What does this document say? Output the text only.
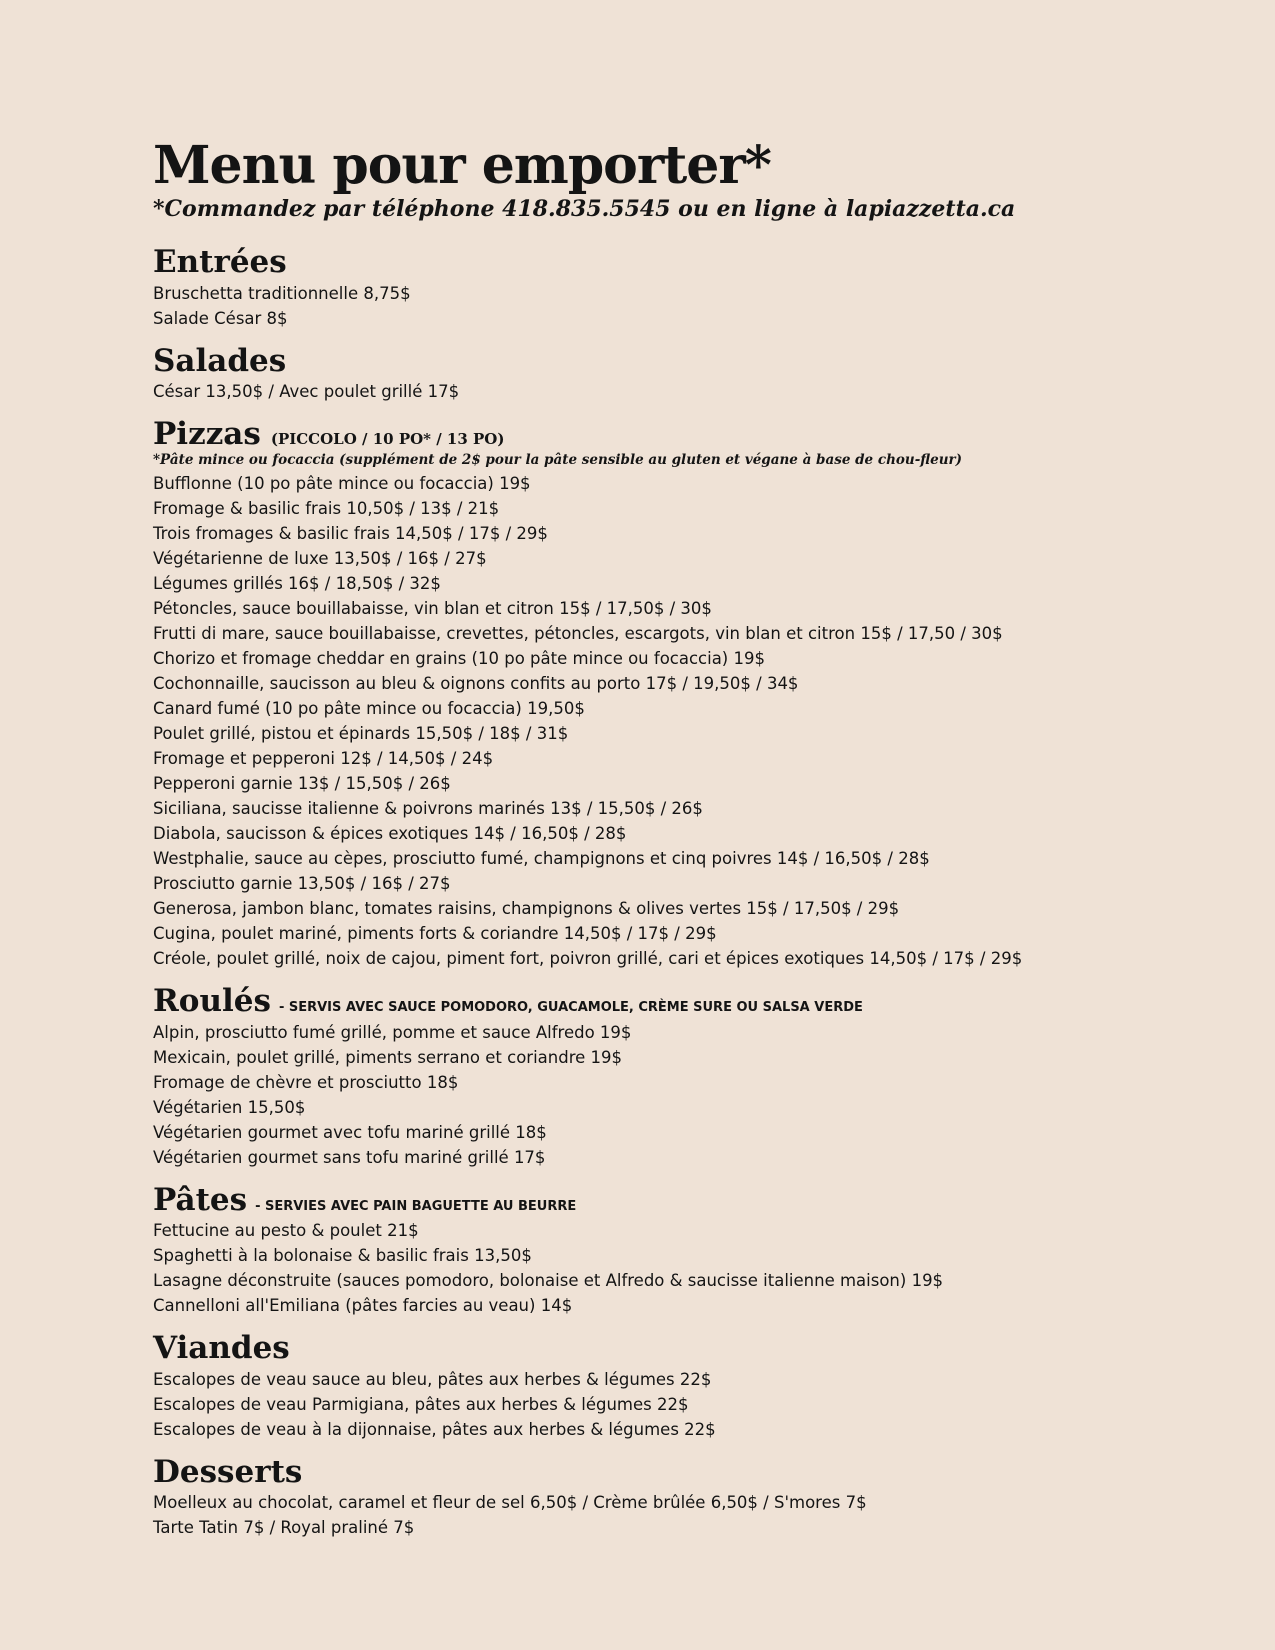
Menu pour emporter*

*Commandez par téléphone 418.835.5545 ou en ligne à lapiazzetta.ca

Entrées
Bruschetta traditionnelle 8,75$
Salade César 8$
Salades
César 13,50$ / Avec poulet grillé 17$
Pizzas (PICCOLO / 10 PO* / 13 PO)
*Pâte mince ou focaccia (supplément de 2$ pour la pâte sensible au gluten et végane à base de chou-fleur)
Bufflonne (10 po pâte mince ou focaccia) 19$
Fromage & basilic frais 10,50$ / 13$ / 21$
Trois fromages & basilic frais 14,50$ / 17$ / 29$
Végétarienne de luxe 13,50$ / 16$ / 27$
Légumes grillés 16$ / 18,50$ / 32$
Pétoncles, sauce bouillabaisse, vin blan et citron 15$ / 17,50$ / 30$
Frutti di mare, sauce bouillabaisse, crevettes, pétoncles, escargots, vin blan et citron 15$ / 17,50 / 30$
Chorizo et fromage cheddar en grains (10 po pâte mince ou focaccia) 19$
Cochonnaille, saucisson au bleu & oignons confits au porto 17$ / 19,50$ / 34$
Canard fumé (10 po pâte mince ou focaccia) 19,50$
Poulet grillé, pistou et épinards 15,50$ / 18$ / 31$
Fromage et pepperoni 12$ / 14,50$ / 24$
Pepperoni garnie 13$ / 15,50$ / 26$
Siciliana, saucisse italienne & poivrons marinés 13$ / 15,50$ / 26$
Diabola, saucisson & épices exotiques 14$ / 16,50$ / 28$
Westphalie, sauce au cèpes, prosciutto fumé, champignons et cinq poivres 14$ / 16,50$ / 28$
Prosciutto garnie 13,50$ / 16$ / 27$
Generosa, jambon blanc, tomates raisins, champignons & olives vertes 15$ / 17,50$ / 29$
Cugina, poulet mariné, piments forts & coriandre 14,50$ / 17$ / 29$
Créole, poulet grillé, noix de cajou, piment fort, poivron grillé, cari et épices exotiques 14,50$ / 17$ / 29$
Roulés - SERVIS AVEC SAUCE POMODORO, GUACAMOLE, CRÈME SURE OU SALSA VERDE
Alpin, prosciutto fumé grillé, pomme et sauce Alfredo 19$
Mexicain, poulet grillé, piments serrano et coriandre 19$
Fromage de chèvre et prosciutto 18$
Végétarien 15,50$
Végétarien gourmet avec tofu mariné grillé 18$
Végétarien gourmet sans tofu mariné grillé 17$
Pâtes - SERVIES AVEC PAIN BAGUETTE AU BEURRE
Fettucine au pesto & poulet 21$
Spaghetti à la bolonaise & basilic frais 13,50$
Lasagne déconstruite (sauces pomodoro, bolonaise et Alfredo & saucisse italienne maison) 19$
Cannelloni all'Emiliana (pâtes farcies au veau) 14$
Viandes
Escalopes de veau sauce au bleu, pâtes aux herbes & légumes 22$
Escalopes de veau Parmigiana, pâtes aux herbes & légumes 22$
Escalopes de veau à la dijonnaise, pâtes aux herbes & légumes 22$
Desserts
Moelleux au chocolat, caramel et fleur de sel 6,50$ / Crème brûlée 6,50$ / S'mores 7$
Tarte Tatin 7$ / Royal praliné 7$
